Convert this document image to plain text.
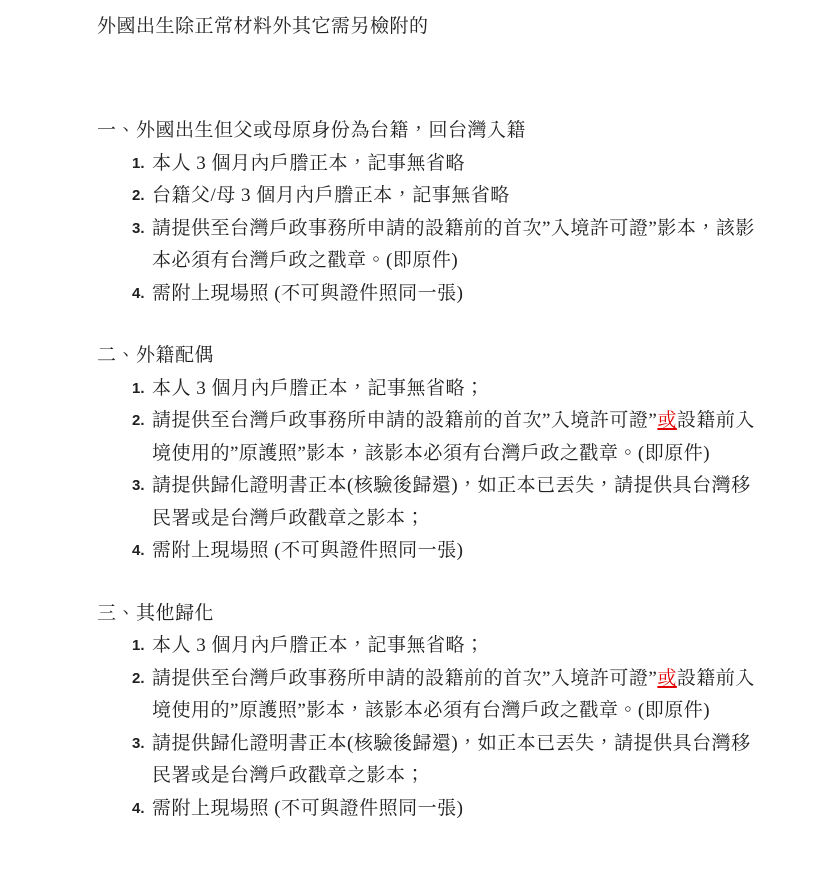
外國出生除正常材料外其它需另檢附的
一、外國出生但父或母原身份為台籍，回台灣入籍
1. 本人 3 個月內戶謄正本，記事無省略
2. 台籍父/母 3 個月內戶謄正本，記事無省略
3. 請提供至台灣戶政事務所申請的設籍前的首次”入境許可證”影本，該影本必須有台灣戶政之戳章。(即原件)
4. 需附上現場照 (不可與證件照同一張)
二、外籍配偶
1. 本人 3 個月內戶謄正本，記事無省略；
2. 請提供至台灣戶政事務所申請的設籍前的首次”入境許可證”或設籍前入境使用的”原護照”影本，該影本必須有台灣戶政之戳章。(即原件)
3. 請提供歸化證明書正本(核驗後歸還)，如正本已丟失，請提供具台灣移民署或是台灣戶政戳章之影本；
4. 需附上現場照 (不可與證件照同一張)
三、其他歸化
1. 本人 3 個月內戶謄正本，記事無省略；
2. 請提供至台灣戶政事務所申請的設籍前的首次”入境許可證”或設籍前入境使用的”原護照”影本，該影本必須有台灣戶政之戳章。(即原件)
3. 請提供歸化證明書正本(核驗後歸還)，如正本已丟失，請提供具台灣移民署或是台灣戶政戳章之影本；
4. 需附上現場照 (不可與證件照同一張)
